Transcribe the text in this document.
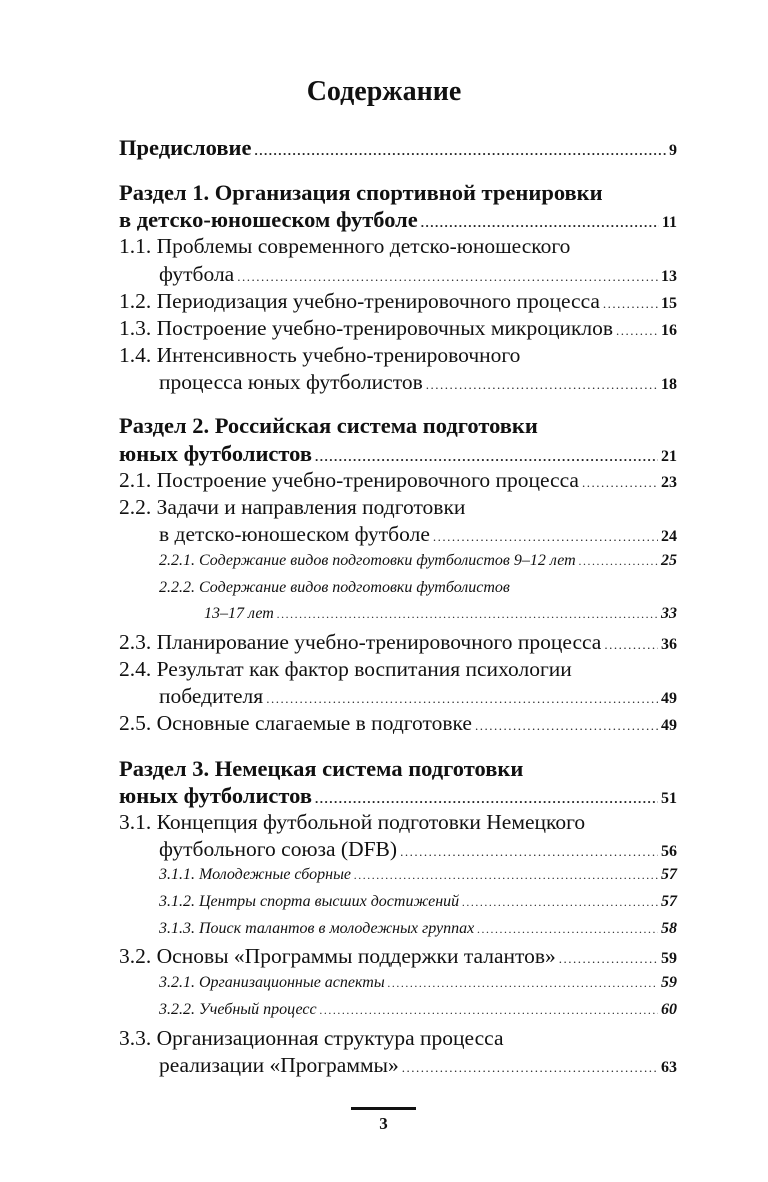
Содержание
Предисловие .....	9
Раздел 1. Организация спортивной тренировки
в детско-юношеском футболе .....	11
1.1. Проблемы современного детско-юношеского
футбола .....	13
1.2. Периодизация учебно-тренировочного процесса .....	15
1.3. Построение учебно-тренировочных микроциклов .....	16
1.4. Интенсивность учебно-тренировочного
процесса юных футболистов .....	18
Раздел 2. Российская система подготовки
юных футболистов .....	21
2.1. Построение учебно-тренировочного процесса .....	23
2.2. Задачи и направления подготовки
в детско-юношеском футболе .....	24
2.2.1. Содержание видов подготовки футболистов 9–12 лет .....	25
2.2.2. Содержание видов подготовки футболистов
13–17 лет .....	33
2.3. Планирование учебно-тренировочного процесса .....	36
2.4. Результат как фактор воспитания психологии
победителя .....	49
2.5. Основные слагаемые в подготовке .....	49
Раздел 3. Немецкая система подготовки
юных футболистов .....	51
3.1. Концепция футбольной подготовки Немецкого
футбольного союза (DFB) .....	56
3.1.1. Молодежные сборные .....	57
3.1.2. Центры спорта высших достижений .....	57
3.1.3. Поиск талантов в молодежных группах .....	58
3.2. Основы «Программы поддержки талантов» .....	59
3.2.1. Организационные аспекты .....	59
3.2.2. Учебный процесс .....	60
3.3. Организационная структура процесса
реализации «Программы» .....	63
3
